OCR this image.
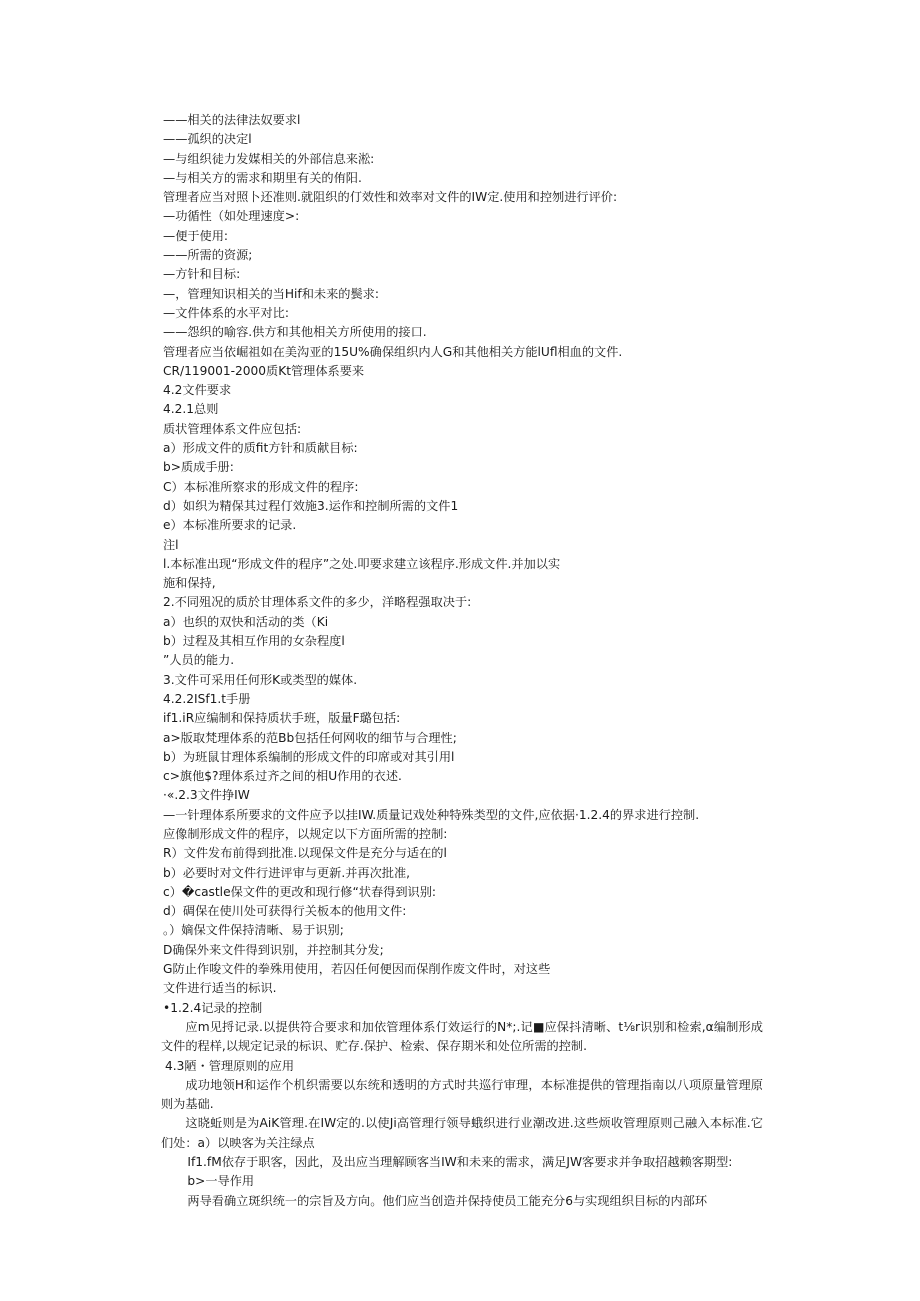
——相关的法律法奴要求l
——孤织的决定l
—与组织徒力发媒相关的外部信息来淞:
—与相关方的需求和期里有关的侑阳.
管理者应当对照卜还准则.就阻织的仃效性和效率对文件的IW定.使用和控刎进行评价:
—功循性（如处理速度>:
—便于使用:
——所需的资源;
—方针和目标:
—，管理知识相关的当Hif和未来的鬓求:
—文件体系的水平对比:
——怨织的喻容.供方和其他相关方所使用的接口.
管理者应当依崛祖如在美沟亚的15U%确保组织内人G和其他相关方能lUfl相血的文件.
CR/119001-2000质Kt管理体系要来
4.2文件要求
4.2.1总则
质状管理体系文件应包括:
a）形成文件的质fit方针和质献目标:
b>质成手册:
C）本标准所察求的形成文件的程序:
d）如织为精保其过程仃效施3.运作和控制所需的文件1
e）本标准所要求的记录.
注l
l.本标准出现“形成文件的程序”之处.叩要求建立该程序.形成文件.并加以实
施和保持,
2.不同殂况的质於甘理体系文件的多少，洋略程强取决于:
a）也织的双快和活动的类（Ki
b）过程及其相互作用的女杂程度l
”人员的能力.
3.文件可采用任何形K或类型的媒体.
4.2.2ISf1.t手册
if1.iR应编制和保持质状手班，版量F璐包括:
a>版取梵理体系的范Bb包括任何网收的细节与合理性;
b）为班鼠甘理体系编制的形成文件的印席或对其引用l
c>旗他$?理体系过齐之间的相U作用的衣述.
·«.2.3文件挣IW
—一针理体系所要求的文件应予以挂IW.质量记戏处种特殊类型的文件,应依据·1.2.4的界求进行控制.
应像制形成文件的程序，以规定以下方面所需的控制:
R）文件发布前得到批准.以现保文件是充分与适在的l
b）必要时对文件行进评审与更新.并再次批准,
c）�castle保文件的更改和现行修“状春得到识别:
d）碉保在使川处可获得行关板本的他用文件:
。）嫡保文件保持清晰、易于识别;
D确保外来文件得到识别，并控制其分发;
G防止作唆文件的拳殊用使用，若囚任何便因而保削作废文件时，对这些
文件进行适当的标识.
•1.2.4记录的控制
应m见捋记录.以提供符合要求和加依管理体系仃效运行的N*;.记■应保抖清晰、t⅛r识别和检索,α编制形成文件的程样,以规定记录的标识、贮存.保护、检索、保存期米和处位所需的控制.
4.3陋・管理原则的应用
成功地领H和运作个机织需要以东统和透明的方式时共巡行审理，本标准提供的管理指南以八项原量管理原则为基础.
这晓蚯则是为AiK管理.在IW定的.以使Ji高管理行领导蛾织进行业潮改进.这些烦收管理原则己融入本标准.它们处：a）以映客为关注绿点
If1.fM依存于职客，因此，及出应当理解顾客当IW和未来的需求，满足JW客要求并争取招越赖客期型:
b>一导作用
两导看确立斑织统一的宗旨及方向。他们应当创造并保持使员工能充分6与实现组织目标的内部环
